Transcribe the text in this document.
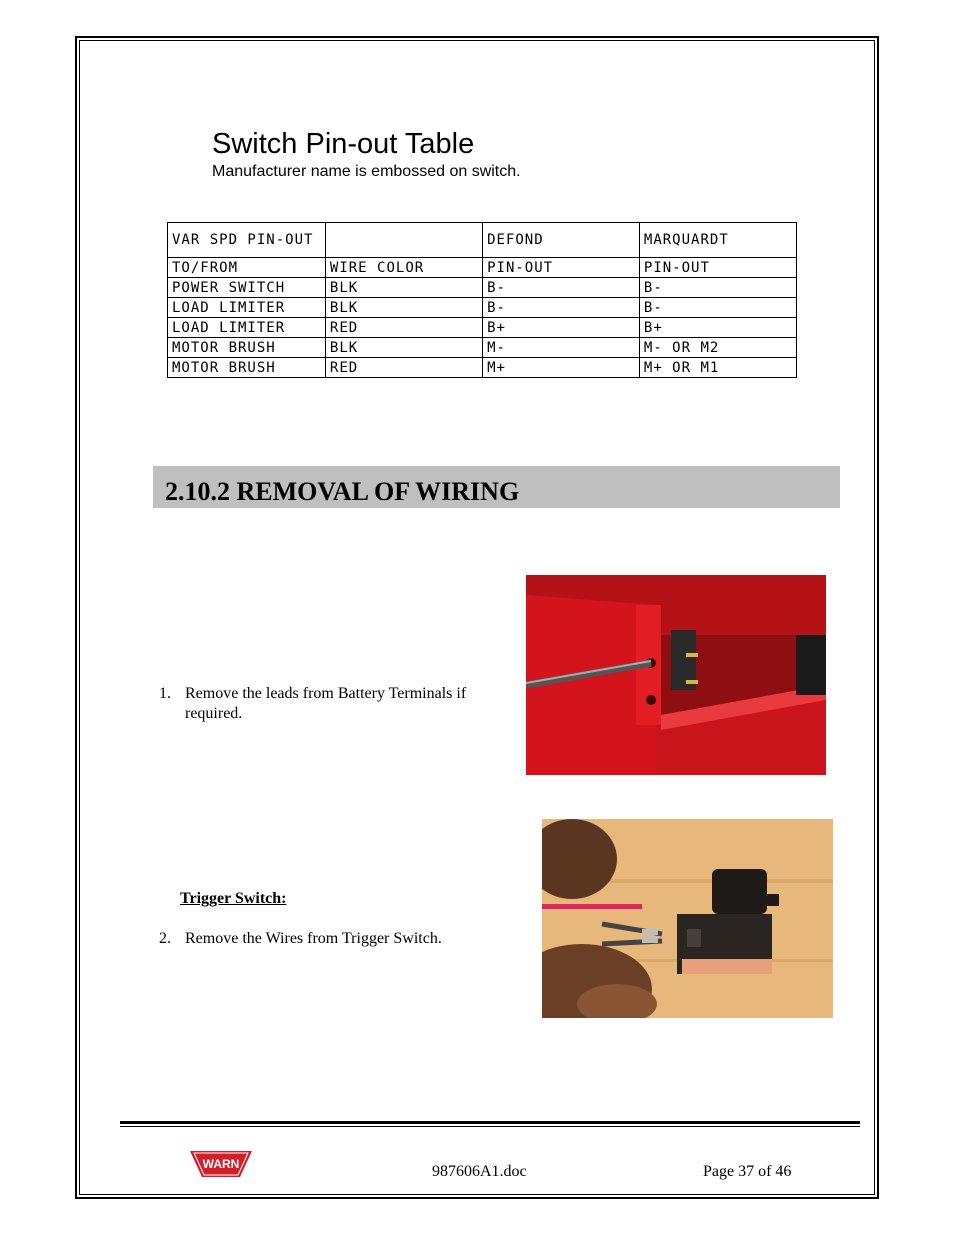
Switch Pin-out Table
Manufacturer name is embossed on switch.
VAR SPD PIN-OUT		DEFOND	MARQUARDT
TO/FROM	WIRE COLOR	PIN-OUT	PIN-OUT
POWER SWITCH	BLK	B-	B-
LOAD LIMITER	BLK	B-	B-
LOAD LIMITER	RED	B+	B+
MOTOR BRUSH	BLK	M-	M- OR M2
MOTOR BRUSH	RED	M+	M+ OR M1
2.10.2 REMOVAL OF WIRING
1. Remove the leads from Battery Terminals if
required.
Trigger Switch:
2. Remove the Wires from Trigger Switch.
WARN	987606A1.doc	Page 37 of 46
